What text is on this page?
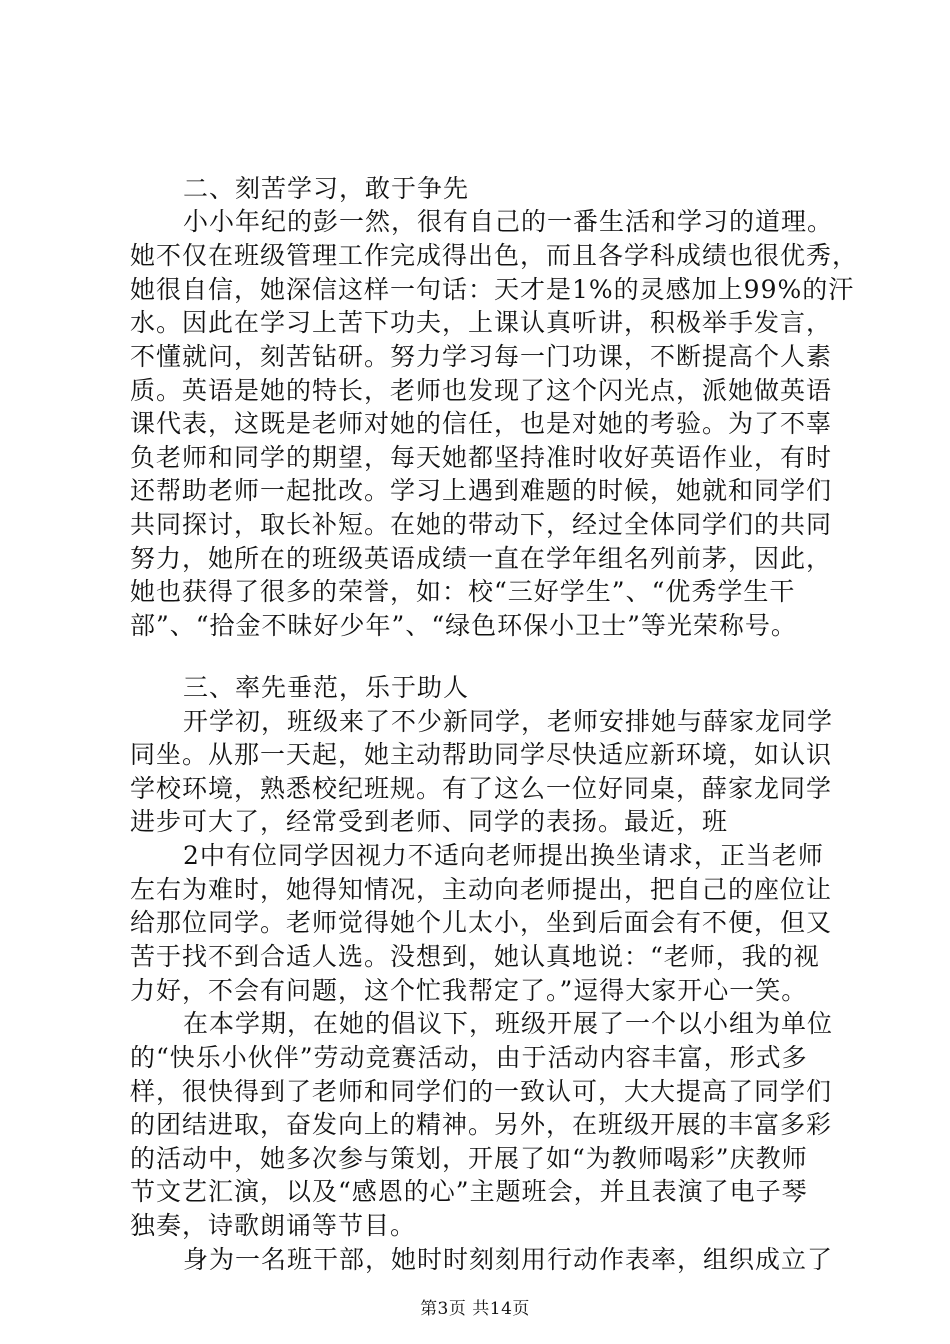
二、刻苦学习，敢于争先
小小年纪的彭一然，很有自己的一番生活和学习的道理。
她不仅在班级管理工作完成得出色，而且各学科成绩也很优秀，
她很自信，她深信这样一句话：天才是1%的灵感加上99%的汗
水。因此在学习上苦下功夫，上课认真听讲，积极举手发言，
不懂就问，刻苦钻研。努力学习每一门功课，不断提高个人素
质。英语是她的特长，老师也发现了这个闪光点，派她做英语
课代表，这既是老师对她的信任，也是对她的考验。为了不辜
负老师和同学的期望，每天她都坚持准时收好英语作业，有时
还帮助老师一起批改。学习上遇到难题的时候，她就和同学们
共同探讨，取长补短。在她的带动下，经过全体同学们的共同
努力，她所在的班级英语成绩一直在学年组名列前茅，因此，
她也获得了很多的荣誉，如：校“三好学生”、“优秀学生干
部”、“拾金不昧好少年”、“绿色环保小卫士”等光荣称号。
三、率先垂范，乐于助人
开学初，班级来了不少新同学，老师安排她与薛家龙同学
同坐。从那一天起，她主动帮助同学尽快适应新环境，如认识
学校环境，熟悉校纪班规。有了这么一位好同桌，薛家龙同学
进步可大了，经常受到老师、同学的表扬。最近，班
2中有位同学因视力不适向老师提出换坐请求，正当老师
左右为难时，她得知情况，主动向老师提出，把自己的座位让
给那位同学。老师觉得她个儿太小，坐到后面会有不便，但又
苦于找不到合适人选。没想到，她认真地说：“老师，我的视
力好，不会有问题，这个忙我帮定了。”逗得大家开心一笑。
在本学期，在她的倡议下，班级开展了一个以小组为单位
的“快乐小伙伴”劳动竞赛活动，由于活动内容丰富，形式多
样，很快得到了老师和同学们的一致认可，大大提高了同学们
的团结进取，奋发向上的精神。另外，在班级开展的丰富多彩
的活动中，她多次参与策划，开展了如“为教师喝彩”庆教师
节文艺汇演，以及“感恩的心”主题班会，并且表演了电子琴
独奏，诗歌朗诵等节目。
身为一名班干部，她时时刻刻用行动作表率，组织成立了
第3页 共14页
